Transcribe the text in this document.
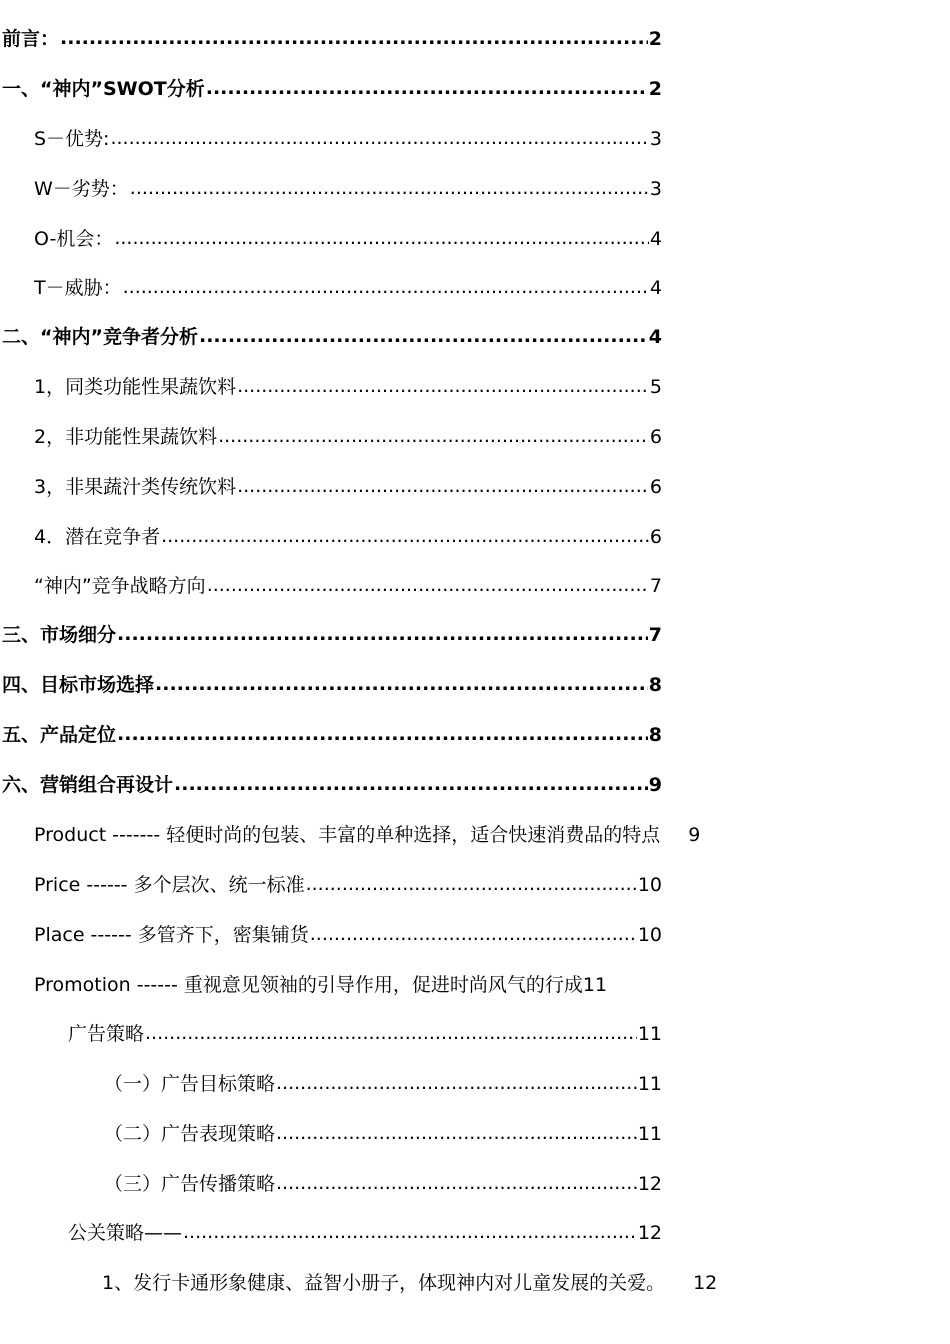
前言： .....	2
一、“神内”SWOT分析 .....	2
S－优势: .....	3
W－劣势： .....	3
O-机会： .....	4
T－威胁： .....	4
二、“神内”竞争者分析 .....	4
1，同类功能性果蔬饮料 .....	5
2，非功能性果蔬饮料 .....	6
3，非果蔬汁类传统饮料 .....	6
4．潜在竞争者 .....	6
“神内”竞争战略方向 .....	7
三、市场细分 .....	7
四、目标市场选择 .....	8
五、产品定位 .....	8
六、营销组合再设计 .....	9
Product ------- 轻便时尚的包装、丰富的单种选择，适合快速消费品的特点 9
Price ------ 多个层次、统一标准 .....	10
Place ------ 多管齐下，密集铺货 .....	10
Promotion ------ 重视意见领袖的引导作用，促进时尚风气的行成 11
广告策略 .....	11
（一）广告目标策略 .....	11
（二）广告表现策略 .....	11
（三）广告传播策略 .....	12
公关策略—— .....	12
1、发行卡通形象健康、益智小册子，体现神内对儿童发展的关爱。 12
